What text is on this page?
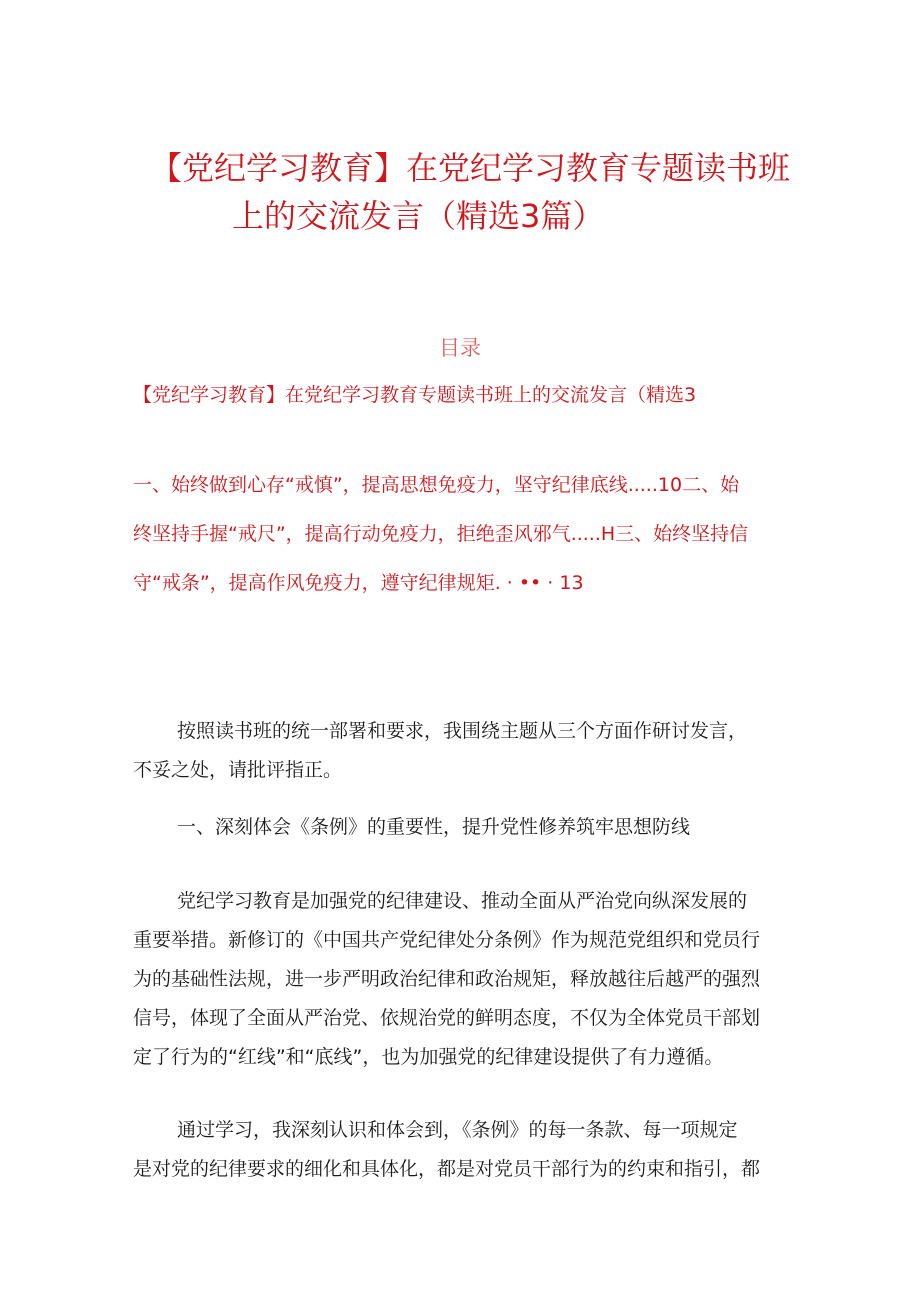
【党纪学习教育】在党纪学习教育专题读书班
上的交流发言（精选3篇）
目录
【党纪学习教育】在党纪学习教育专题读书班上的交流发言（精选3
一、始终做到心存“戒慎”，提高思想免疫力，坚守纪律底线.....10二、始
终坚持手握“戒尺”，提高行动免疫力，拒绝歪风邪气.....H三、始终坚持信
守“戒条”，提高作风免疫力，遵守纪律规矩. · •• · 13
按照读书班的统一部署和要求，我围绕主题从三个方面作研讨发言，
不妥之处，请批评指正。
一、深刻体会《条例》的重要性，提升党性修养筑牢思想防线
党纪学习教育是加强党的纪律建设、推动全面从严治党向纵深发展的
重要举措。新修订的《中国共产党纪律处分条例》作为规范党组织和党员行
为的基础性法规，进一步严明政治纪律和政治规矩，释放越往后越严的强烈
信号，体现了全面从严治党、依规治党的鲜明态度，不仅为全体党员干部划
定了行为的“红线”和“底线”，也为加强党的纪律建设提供了有力遵循。
通过学习，我深刻认识和体会到，《条例》的每一条款、每一项规定
是对党的纪律要求的细化和具体化，都是对党员干部行为的约束和指引，都
